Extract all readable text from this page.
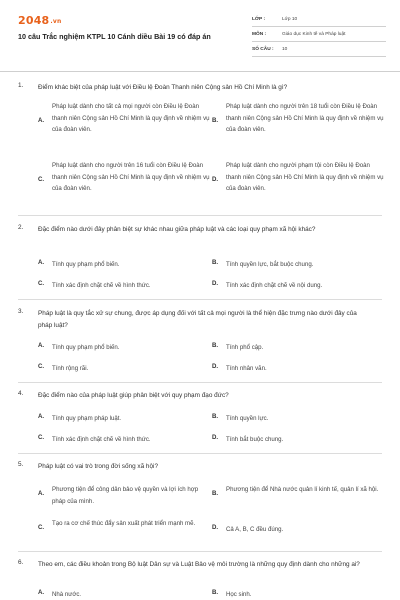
2048.vn
10 câu Trắc nghiệm KTPL 10 Cánh diều Bài 19 có đáp án
LỚP :	Lớp 10
MÔN :	Giáo dục Kinh tế và Pháp luật
SỐ CÂU :	10
1. Điểm khác biệt của pháp luật với Điều lệ Đoàn Thanh niên Cộng sản Hồ Chí Minh là gì?
A.
Pháp luật dành cho tất cả mọi người còn Điều lệ Đoàn thanh niên Cộng sản Hồ Chí Minh là quy định về nhiệm vụ của đoàn viên.
B.
Pháp luật dành cho người trên 18 tuổi còn Điều lệ Đoàn thanh niên Cộng sản Hồ Chí Minh là quy định về nhiệm vụ của đoàn viên.
C.
Pháp luật dành cho người trên 16 tuổi còn Điều lệ Đoàn thanh niên Cộng sản Hồ Chí Minh là quy định về nhiệm vụ của đoàn viên.
D.
Pháp luật dành cho người phạm tội còn Điều lệ Đoàn thanh niên Cộng sản Hồ Chí Minh là quy định về nhiệm vụ của đoàn viên.
2. Đặc điểm nào dưới đây phân biệt sự khác nhau giữa pháp luật và các loại quy phạm xã hội khác?
A. Tính quy phạm phổ biến.	B. Tính quyền lực, bắt buộc chung.
C. Tính xác định chặt chẽ về hình thức.	D. Tính xác định chặt chẽ về nội dung.
3. Pháp luật là quy tắc xử sự chung, được áp dụng đối với tất cả mọi người là thể hiện đặc trưng nào dưới đây của pháp luật?
A. Tính quy phạm phổ biến.	B. Tính phổ cập.
C. Tính rộng rãi.	D. Tính nhân văn.
4. Đặc điểm nào của pháp luật giúp phân biệt với quy phạm đạo đức?
A. Tính quy phạm pháp luật.	B. Tính quyền lực.
C. Tính xác định chặt chẽ về hình thức.	D. Tính bắt buộc chung.
5. Pháp luật có vai trò trong đời sống xã hội?
A.
Phương tiện để công dân bảo vệ quyền và lợi ích hợp pháp của mình.
B.
Phương tiện để Nhà nước quản lí kinh tế, quản lí xã hội.
C.
Tạo ra cơ chế thúc đẩy sản xuất phát triển mạnh mẽ.
D. Cả A, B, C đều đúng.
6. Theo em, các điều khoản trong Bộ luật Dân sự và Luật Bảo vệ môi trường là những quy định dành cho những ai?
A. Nhà nước.	B. Học sinh.
